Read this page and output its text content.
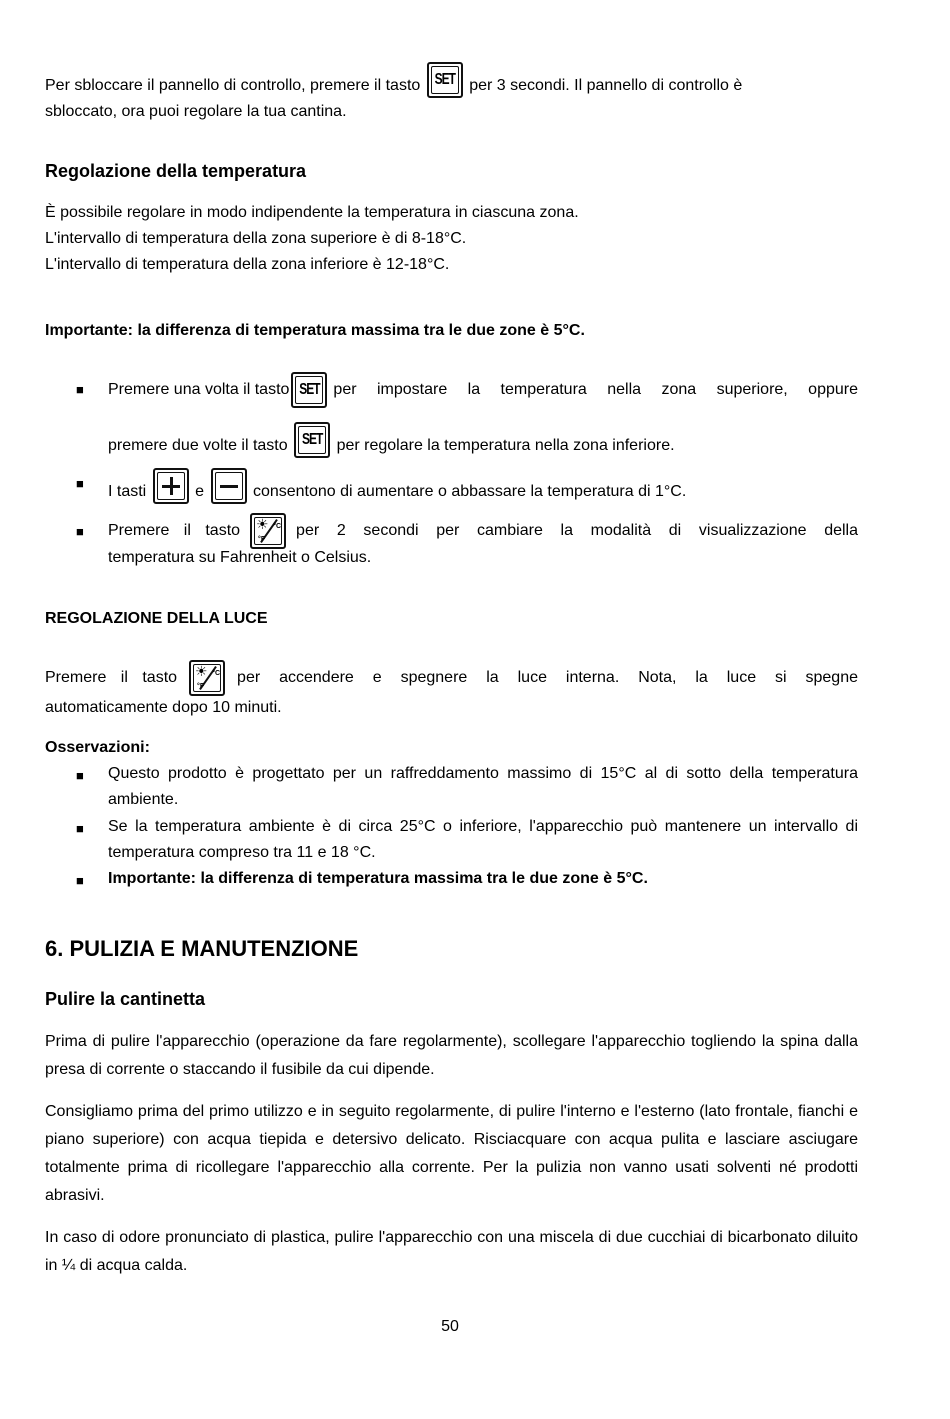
Per sbloccare il pannello di controllo, premere il tasto	SET per 3 secondi. Il pannello di controllo è
sbloccato, ora puoi regolare la tua cantina.
Regolazione della temperatura
È possibile regolare in modo indipendente la temperatura in ciascuna zona.
L'intervallo di temperatura della zona superiore è di 8-18°C.
L'intervallo di temperatura della zona inferiore è 12-18°C.
Importante: la differenza di temperatura massima tra le due zone è 5°C.
■ Premere una volta il tasto SET per impostare la temperatura nella zona superiore, oppure
premere due volte il tasto	SET per regolare la temperatura nella zona inferiore.
■ I tasti	e	consentono di aumentare o abbassare la temperatura di 1°C.
■ Premere il tasto ☀ °C
°F
per 2 secondi per cambiare la modalità di visualizzazione della
temperatura su Fahrenheit o Celsius.
REGOLAZIONE DELLA LUCE
Premere il tasto ☀ °C
°F
per accendere e spegnere la luce interna. Nota, la luce si spegne
automaticamente dopo 10 minuti.
Osservazioni:
■ Questo prodotto è progettato per un raffreddamento massimo di 15°C al di sotto della temperatura ambiente.
■ Se la temperatura ambiente è di circa 25°C o inferiore, l'apparecchio può mantenere un intervallo di temperatura compreso tra 11 e 18 °C.
■ Importante: la differenza di temperatura massima tra le due zone è 5°C.
6. PULIZIA E MANUTENZIONE
Pulire la cantinetta
Prima di pulire l'apparecchio (operazione da fare regolarmente), scollegare l'apparecchio togliendo la spina dalla presa di corrente o staccando il fusibile da cui dipende.
Consigliamo prima del primo utilizzo e in seguito regolarmente, di pulire l'interno e l'esterno (lato frontale, fianchi e piano superiore) con acqua tiepida e detersivo delicato. Risciacquare con acqua pulita e lasciare asciugare totalmente prima di ricollegare l'apparecchio alla corrente. Per la pulizia non vanno usati solventi né prodotti abrasivi.
In caso di odore pronunciato di plastica, pulire l'apparecchio con una miscela di due cucchiai di bicarbonato diluito in ¼ di acqua calda.
50
